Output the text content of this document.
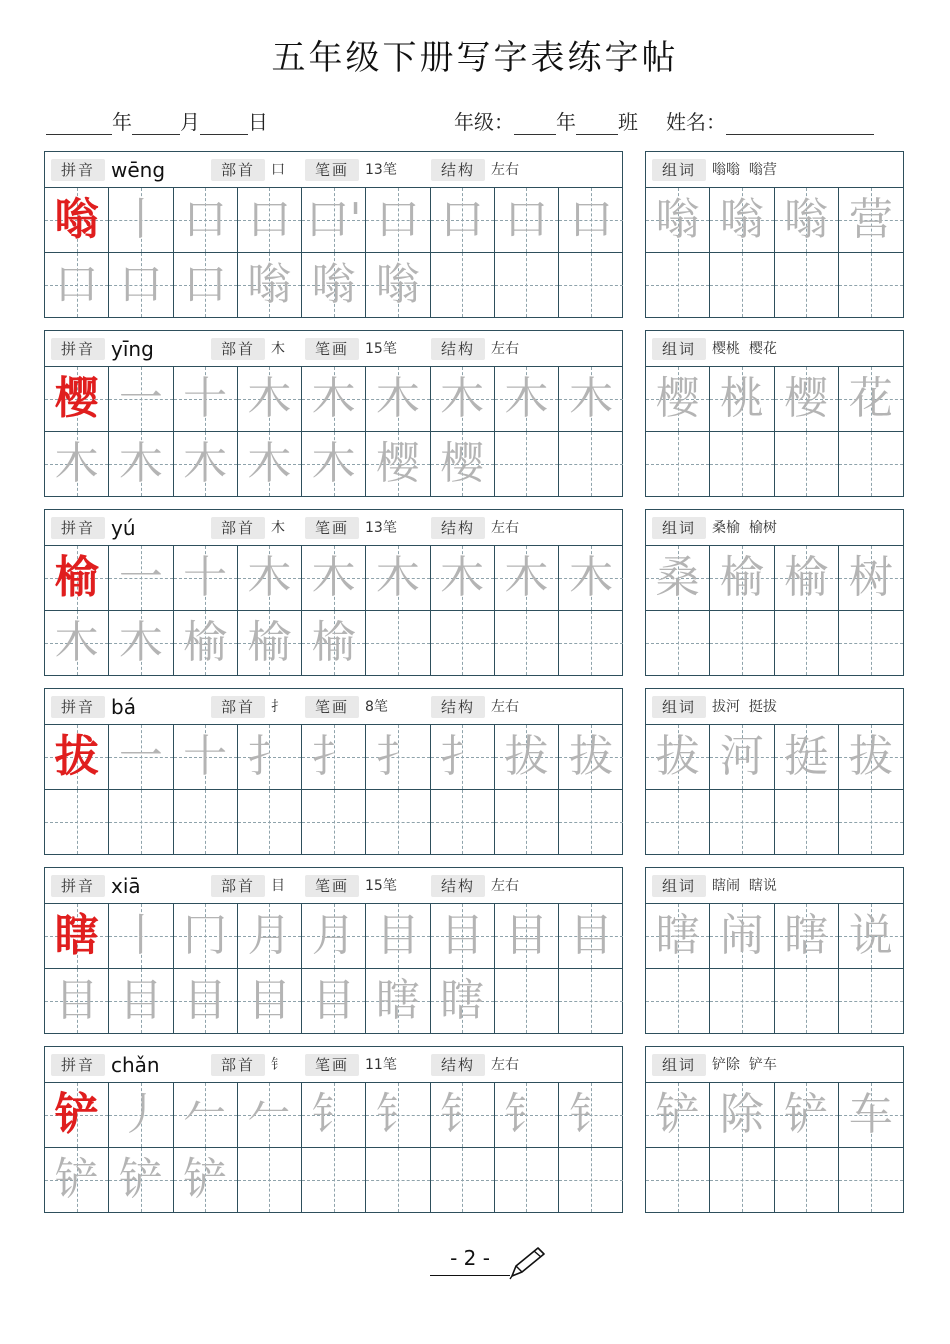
五年级下册写字表练字帖
年 月 日	年级： 年 班 姓名：
拼音 wēng	部首	口	笔画	13笔	结构	左右
嗡 丨 口 口 口' 口 口 口 口
口 口 口 嗡 嗡 嗡
组词	嗡嗡  嗡营
嗡 嗡 嗡 营
拼音 yīng	部首	木	笔画	15笔	结构	左右
樱 一 十 木 木 木 木 木 木
木 木 木 木 木 樱 樱
组词	樱桃  樱花
樱 桃 樱 花
拼音 yú	部首	木	笔画	13笔	结构	左右
榆 一 十 木 木 木 木 木 木
木 木 榆 榆 榆
组词	桑榆  榆树
桑 榆 榆 树
拼音 bá	部首	扌	笔画	8笔	结构	左右
拔 一 十 扌 扌 扌 扌 拔 拔
组词	拔河  挺拔
拔 河 挺 拔
拼音 xiā	部首	目	笔画	15笔	结构	左右
瞎 丨 冂 月 月 目 目 目 目
目 目 目 目 目 瞎 瞎
组词	瞎闹  瞎说
瞎 闹 瞎 说
拼音 chǎn	部首	钅	笔画	11笔	结构	左右
铲 丿 𠂉 𠂉 钅 钅 钅 钅 钅
铲 铲 铲
组词	铲除  铲车
铲 除 铲 车
- 2 -
